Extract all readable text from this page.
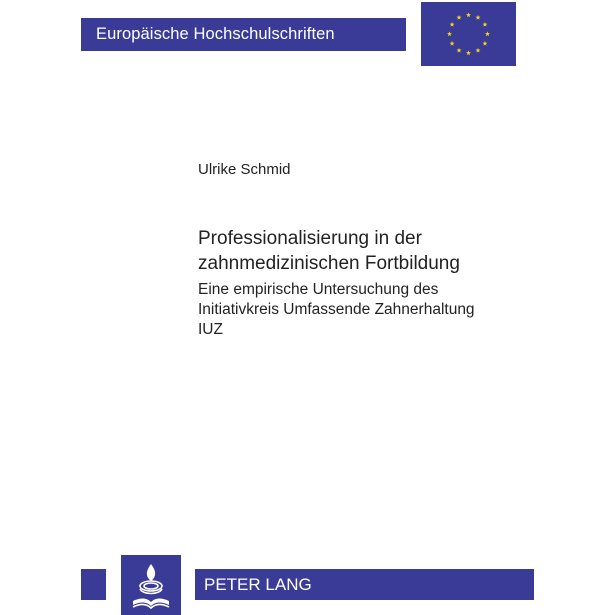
Europäische Hochschulschriften
Ulrike Schmid
Professionalisierung in der
zahnmedizinischen Fortbildung
Eine empirische Untersuchung des
Initiativkreis Umfassende Zahnerhaltung
IUZ
PETER LANG
